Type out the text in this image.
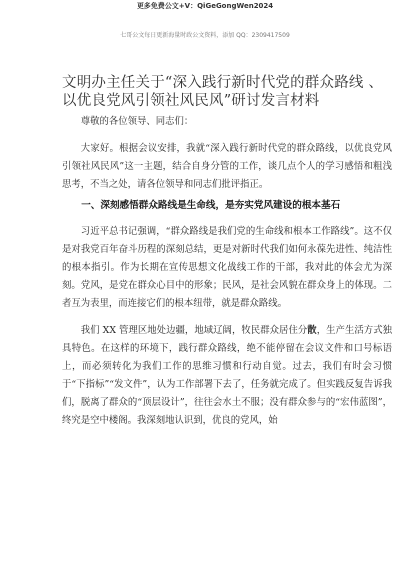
更多免费公文+V：QiGeGongWen2024
七哥公文每日更新海量时政公文资料，添加 QQ：2309417509
文明办主任关于“深入践行新时代党的群众路线 、 以优良党风引领社风民风”研讨发言材料

尊敬的各位领导、同志们：

大家好。根据会议安排，我就“深入践行新时代党的群众路线，以优良党风引领社风民风”这一主题，结合自身分管的工作，谈几点个人的学习感悟和粗浅思考，不当之处，请各位领导和同志们批评指正。

一、深刻感悟群众路线是生命线，是夯实党风建设的根本基石

习近平总书记强调，“群众路线是我们党的生命线和根本工作路线”。这不仅是对我党百年奋斗历程的深刻总结，更是对新时代我们如何永葆先进性、纯洁性的根本指引。作为长期在宣传思想文化战线工作的干部，我对此的体会尤为深刻。党风，是党在群众心目中的形象；民风，是社会风貌在群众身上的体现。二者互为表里，而连接它们的根本纽带，就是群众路线。

我们 XX 管理区地处边疆，地域辽阔，牧民群众居住分散，生产生活方式独具特色。在这样的环境下，践行群众路线，绝不能停留在会议文件和口号标语上，而必须转化为我们工作的思维习惯和行动自觉。过去，我们有时会习惯于“下指标”“发文件”，认为工作部署下去了，任务就完成了。但实践反复告诉我们，脱离了群众的“顶层设计”，往往会水土不服；没有群众参与的“宏伟蓝图”，终究是空中楼阁。我深刻地认识到，优良的党风，始
